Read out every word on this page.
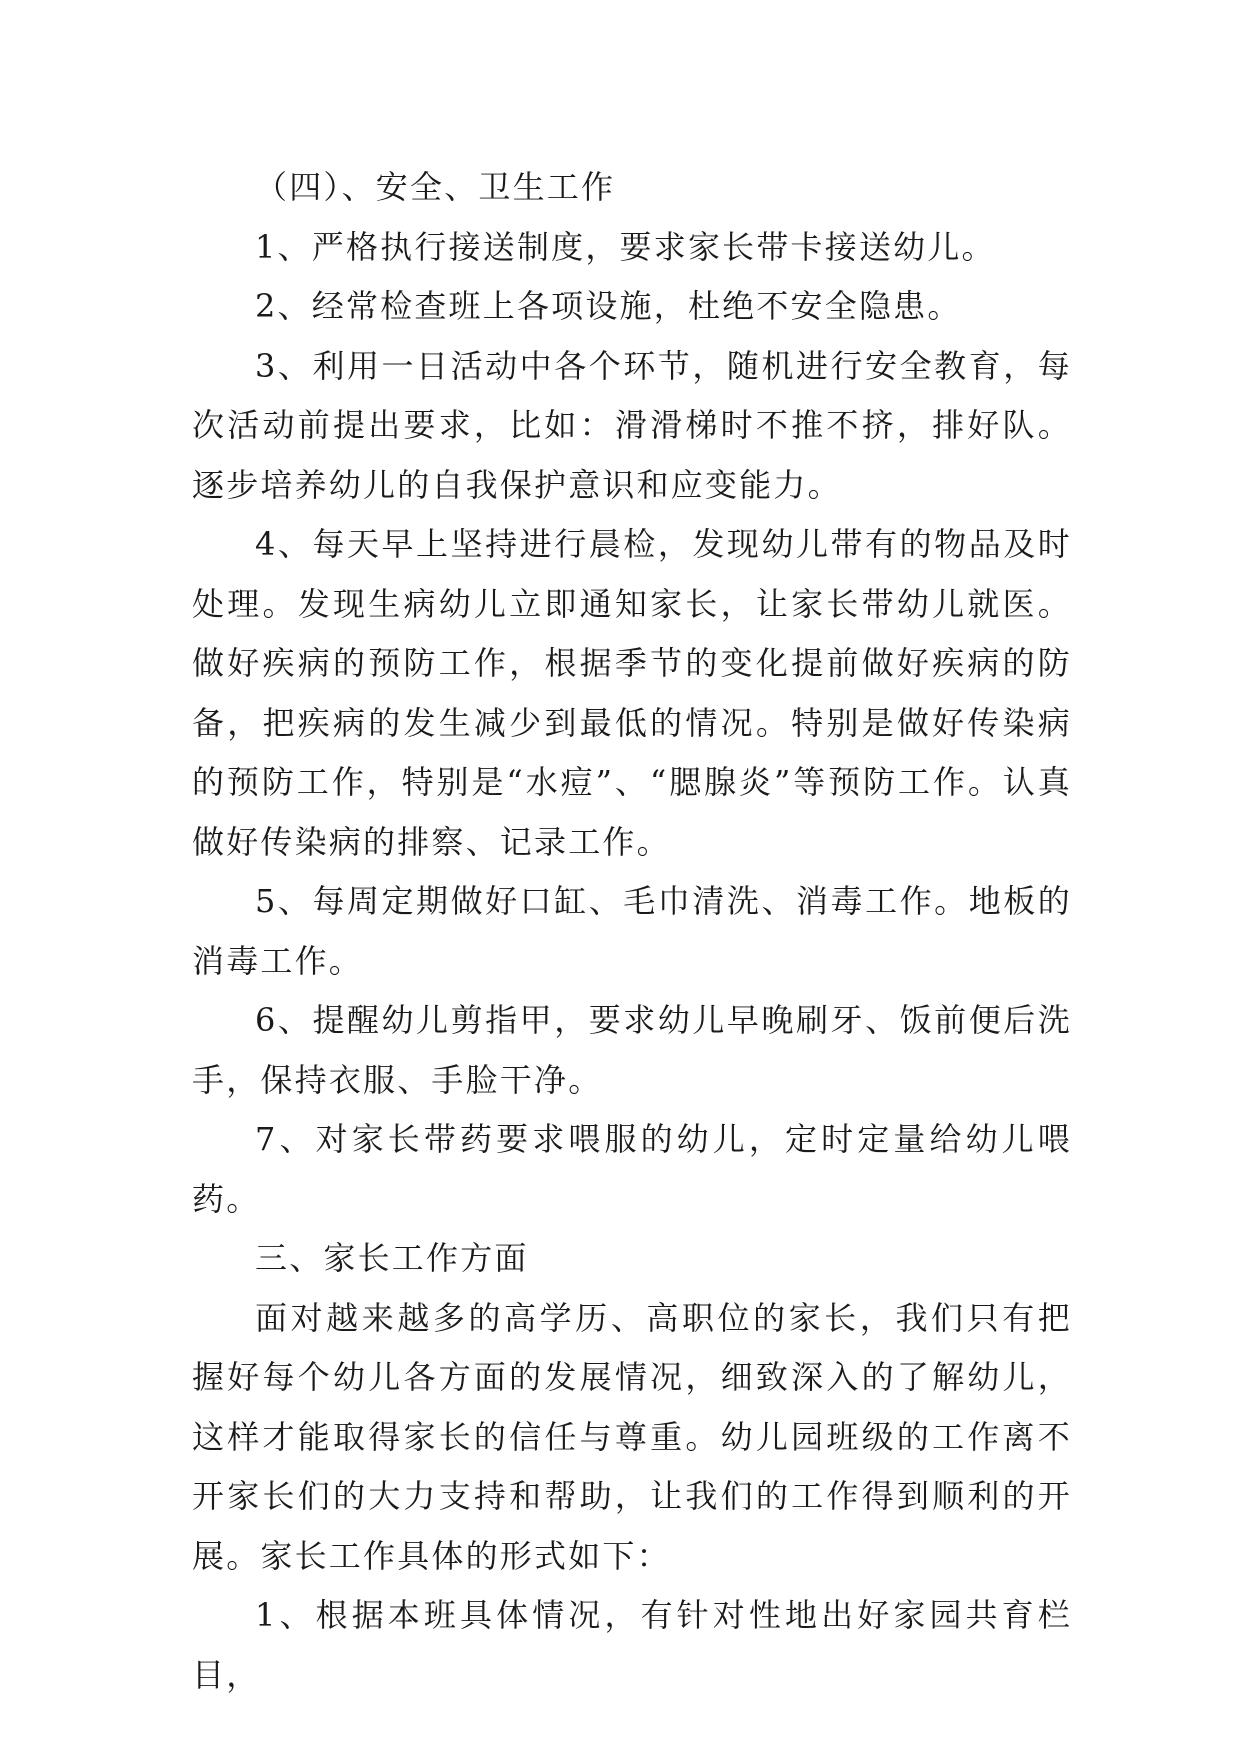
（四）、安全、卫生工作

1、严格执行接送制度，要求家长带卡接送幼儿。

2、经常检查班上各项设施，杜绝不安全隐患。

3、利用一日活动中各个环节，随机进行安全教育，每次活动前提出要求，比如：滑滑梯时不推不挤，排好队。逐步培养幼儿的自我保护意识和应变能力。

4、每天早上坚持进行晨检，发现幼儿带有的物品及时处理。发现生病幼儿立即通知家长，让家长带幼儿就医。做好疾病的预防工作，根据季节的变化提前做好疾病的防备，把疾病的发生减少到最低的情况。特别是做好传染病的预防工作，特别是“水痘”、“腮腺炎”等预防工作。认真做好传染病的排察、记录工作。

5、每周定期做好口缸、毛巾清洗、消毒工作。地板的消毒工作。

6、提醒幼儿剪指甲，要求幼儿早晚刷牙、饭前便后洗手，保持衣服、手脸干净。

7、对家长带药要求喂服的幼儿，定时定量给幼儿喂药。

三、家长工作方面

面对越来越多的高学历、高职位的家长，我们只有把握好每个幼儿各方面的发展情况，细致深入的了解幼儿，这样才能取得家长的信任与尊重。幼儿园班级的工作离不开家长们的大力支持和帮助，让我们的工作得到顺利的开展。家长工作具体的形式如下：

1、根据本班具体情况，有针对性地出好家园共育栏目，
